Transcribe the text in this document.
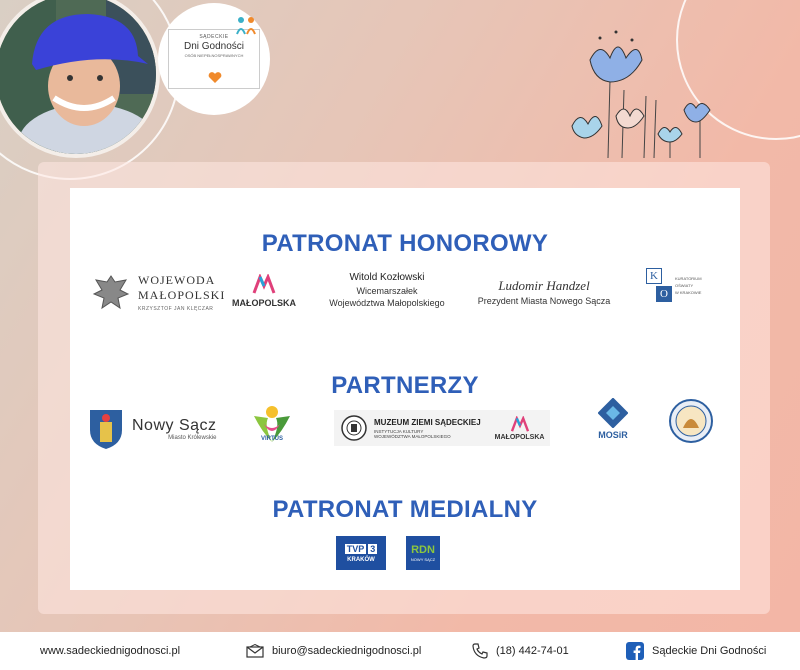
SĄDECKIE
Dni Godności
OSÓB NIEPEŁNOSPRAWNYCH
PATRONAT HONOROWY
WOJEWODA
MAŁOPOLSKI
KRZYSZTOF JAN KLĘCZAR
MAŁOPOLSKA
Witold Kozłowski
Wicemarszałek
Województwa Małopolskiego
Ludomir Handzel
Prezydent Miasta Nowego Sącza
K
O
KURATORIUM
OŚWIATY
W KRAKOWIE
PARTNERZY
Nowy Sącz
Miasto Królewskie	VIRTUS
MUZEUM ZIEMI SĄDECKIEJ
INSTYTUCJA KULTURY
WOJEWÓDZTWA MAŁOPOLSKIEGO	MAŁOPOLSKA	MOSiR
PATRONAT MEDIALNY
TVP 3
KRAKÓW
RDN
NOWY SĄCZ
www.sadeckiednigodnosci.pl	biuro@sadeckiednigodnosci.pl	(18) 442-74-01	Sądeckie Dni Godności
